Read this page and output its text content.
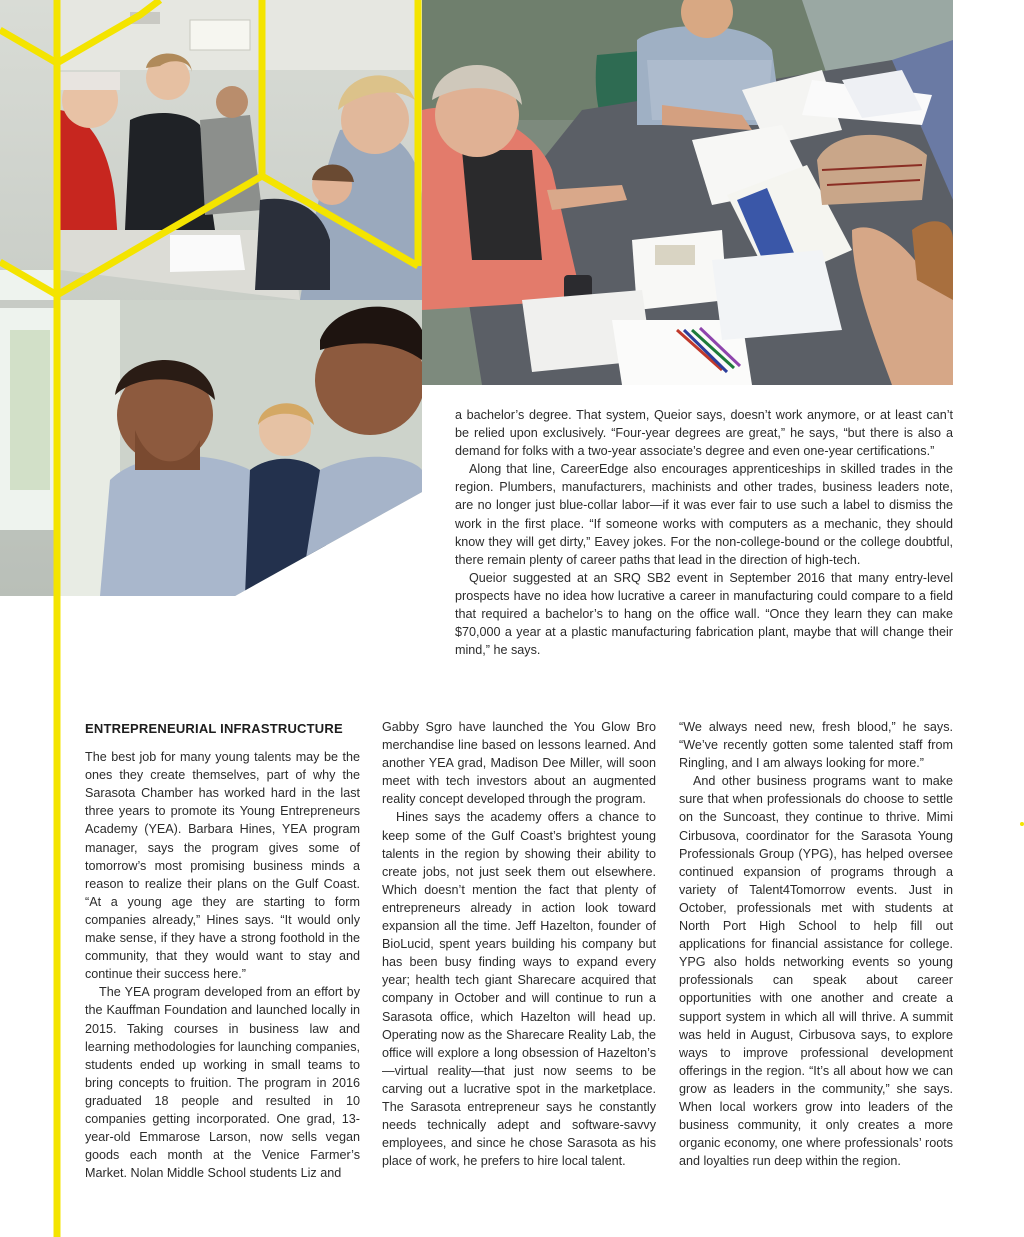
a bachelor’s degree. That system, Queior says, doesn’t work anymore, or at least can’t be relied upon exclusively. “Four-year degrees are great,” he says, “but there is also a demand for folks with a two-year associate’s degree and even one-year certifications.”

Along that line, CareerEdge also encourages apprenticeships in skilled trades in the region. Plumbers, manufacturers, machinists and other trades, business leaders note, are no longer just blue-collar labor—if it was ever fair to use such a label to dismiss the work in the first place. “If someone works with computers as a mechanic, they should know they will get dirty,” Eavey jokes. For the non-college-bound or the college doubtful, there remain plenty of career paths that lead in the direction of high-tech.

Queior suggested at an SRQ SB2 event in September 2016 that many entry-level prospects have no idea how lucrative a career in manufacturing could compare to a field that required a bachelor’s to hang on the office wall. “Once they learn they can make $70,000 a year at a plastic manufacturing fabrication plant, maybe that will change their mind,” he says.

ENTREPRENEURIAL INFRASTRUCTURE

The best job for many young talents may be the ones they create themselves, part of why the Sarasota Chamber has worked hard in the last three years to promote its Young Entrepreneurs Academy (YEA). Barbara Hines, YEA program manager, says the program gives some of tomorrow’s most promising business minds a reason to realize their plans on the Gulf Coast. “At a young age they are starting to form companies already,” Hines says. “It would only make sense, if they have a strong foothold in the community, that they would want to stay and continue their success here.”

The YEA program developed from an effort by the Kauffman Foundation and launched locally in 2015. Taking courses in business law and learning methodologies for launching companies, students ended up working in small teams to bring concepts to fruition. The program in 2016 graduated 18 people and resulted in 10 companies getting incorporated. One grad, 13-year-old Emmarose Larson, now sells vegan goods each month at the Venice Farmer’s Market. Nolan Middle School students Liz and

Gabby Sgro have launched the You Glow Bro merchandise line based on lessons learned. And another YEA grad, Madison Dee Miller, will soon meet with tech investors about an augmented reality concept developed through the program.

Hines says the academy offers a chance to keep some of the Gulf Coast’s brightest young talents in the region by showing their ability to create jobs, not just seek them out elsewhere. Which doesn’t mention the fact that plenty of entrepreneurs already in action look toward expansion all the time. Jeff Hazelton, founder of BioLucid, spent years building his company but has been busy finding ways to expand every year; health tech giant Sharecare acquired that company in October and will continue to run a Sarasota office, which Hazelton will head up. Operating now as the Sharecare Reality Lab, the office will explore a long obsession of Hazelton’s—virtual reality—that just now seems to be carving out a lucrative spot in the marketplace. The Sarasota entrepreneur says he constantly needs technically adept and software-savvy employees, and since he chose Sarasota as his place of work, he prefers to hire local talent.

“We always need new, fresh blood,” he says. “We’ve recently gotten some talented staff from Ringling, and I am always looking for more.”

And other business programs want to make sure that when professionals do choose to settle on the Suncoast, they continue to thrive. Mimi Cirbusova, coordinator for the Sarasota Young Professionals Group (YPG), has helped oversee continued expansion of programs through a variety of Talent4Tomorrow events. Just in October, professionals met with students at North Port High School to help fill out applications for financial assistance for college. YPG also holds networking events so young professionals can speak about career opportunities with one another and create a support system in which all will thrive. A summit was held in August, Cirbusova says, to explore ways to improve professional development offerings in the region. “It’s all about how we can grow as leaders in the community,” she says. When local workers grow into leaders of the business community, it only creates a more organic economy, one where professionals’ roots and loyalties run deep within the region.
